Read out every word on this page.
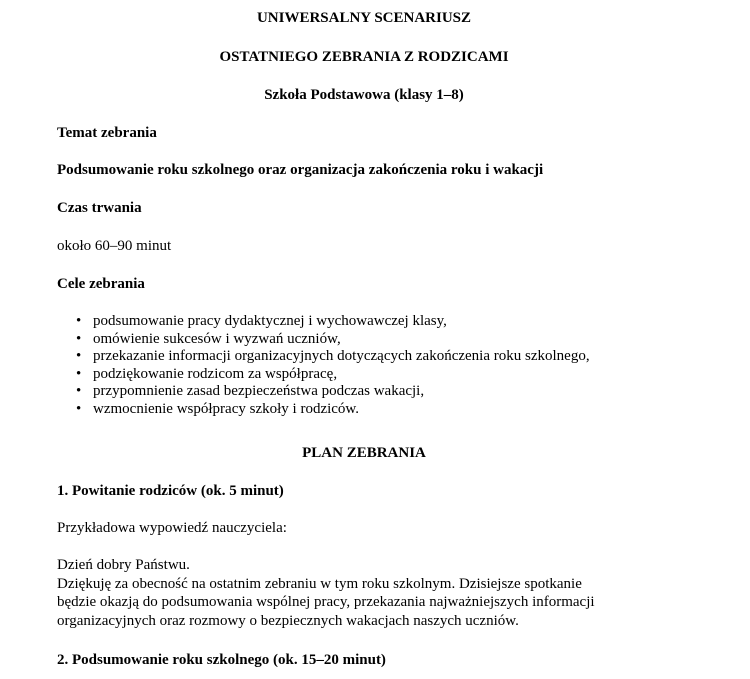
UNIWERSALNY SCENARIUSZ
OSTATNIEGO ZEBRANIA Z RODZICAMI
Szkoła Podstawowa (klasy 1–8)
Temat zebrania
Podsumowanie roku szkolnego oraz organizacja zakończenia roku i wakacji
Czas trwania
około 60–90 minut
Cele zebrania
• podsumowanie pracy dydaktycznej i wychowawczej klasy,
• omówienie sukcesów i wyzwań uczniów,
• przekazanie informacji organizacyjnych dotyczących zakończenia roku szkolnego,
• podziękowanie rodzicom za współpracę,
• przypomnienie zasad bezpieczeństwa podczas wakacji,
• wzmocnienie współpracy szkoły i rodziców.
PLAN ZEBRANIA
1. Powitanie rodziców (ok. 5 minut)
Przykładowa wypowiedź nauczyciela:
Dzień dobry Państwu.
Dziękuję za obecność na ostatnim zebraniu w tym roku szkolnym. Dzisiejsze spotkanie
będzie okazją do podsumowania wspólnej pracy, przekazania najważniejszych informacji
organizacyjnych oraz rozmowy o bezpiecznych wakacjach naszych uczniów.
2. Podsumowanie roku szkolnego (ok. 15–20 minut)
